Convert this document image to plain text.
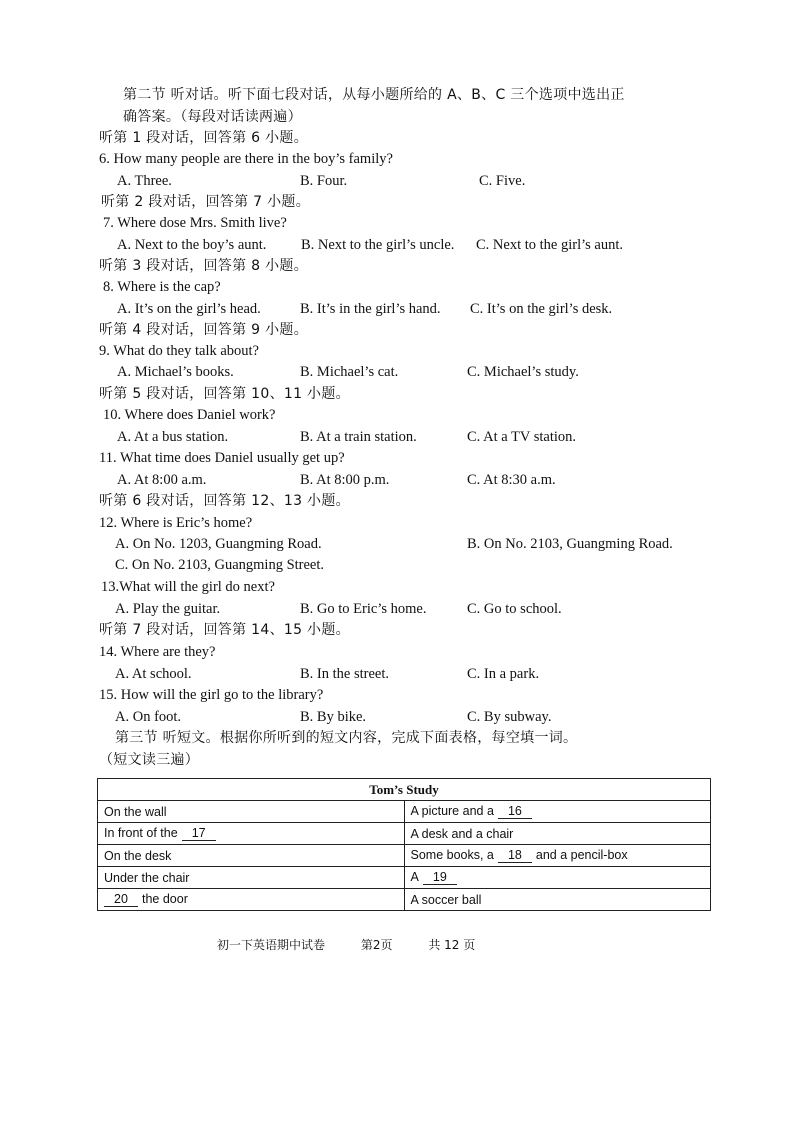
第二节 听对话。听下面七段对话，从每小题所给的 A、B、C 三个选项中选出正
确答案。（每段对话读两遍）
听第 1 段对话，回答第 6 小题。
6. How many people are there in the boy’s family?
A. Three.	B. Four.	C. Five.
听第 2 段对话，回答第 7 小题。
7. Where dose Mrs. Smith live?
A. Next to the boy’s aunt. B. Next to the girl’s uncle. C. Next to the girl’s aunt.
听第 3 段对话，回答第 8 小题。
8. Where is the cap?
A. It’s on the girl’s head.	B. It’s in the girl’s hand. C. It’s on the girl’s desk.
听第 4 段对话，回答第 9 小题。
9. What do they talk about?
A. Michael’s books.	B. Michael’s cat.	C. Michael’s study.
听第 5 段对话，回答第 10、11 小题。
10. Where does Daniel work?
A. At a bus station.	B. At a train station.	C. At a TV station.
11. What time does Daniel usually get up?
A. At 8:00 a.m.	B. At 8:00 p.m.	C. At 8:30 a.m.
听第 6 段对话，回答第 12、13 小题。
12. Where is Eric’s home?
A. On No. 1203, Guangming Road.	B. On No. 2103, Guangming Road.
C. On No. 2103, Guangming Street.
13.What will the girl do next?
A. Play the guitar.	B. Go to Eric’s home.	C. Go to school.
听第 7 段对话，回答第 14、15 小题。
14. Where are they?
A. At school.	B. In the street.	C. In a park.
15. How will the girl go to the library?
A. On foot.	B. By bike.	C. By subway.
第三节 听短文。根据你所听到的短文内容，完成下面表格，每空填一词。
（短文读三遍）
Tom’s Study	
On the wall	A picture and a 16
In front of the 17	A desk and a chair
On the desk	Some books, a 18 and a pencil-box
Under the chair	A 19
20 the door	A soccer ball
初一下英语期中试卷	第2页	共 12 页
